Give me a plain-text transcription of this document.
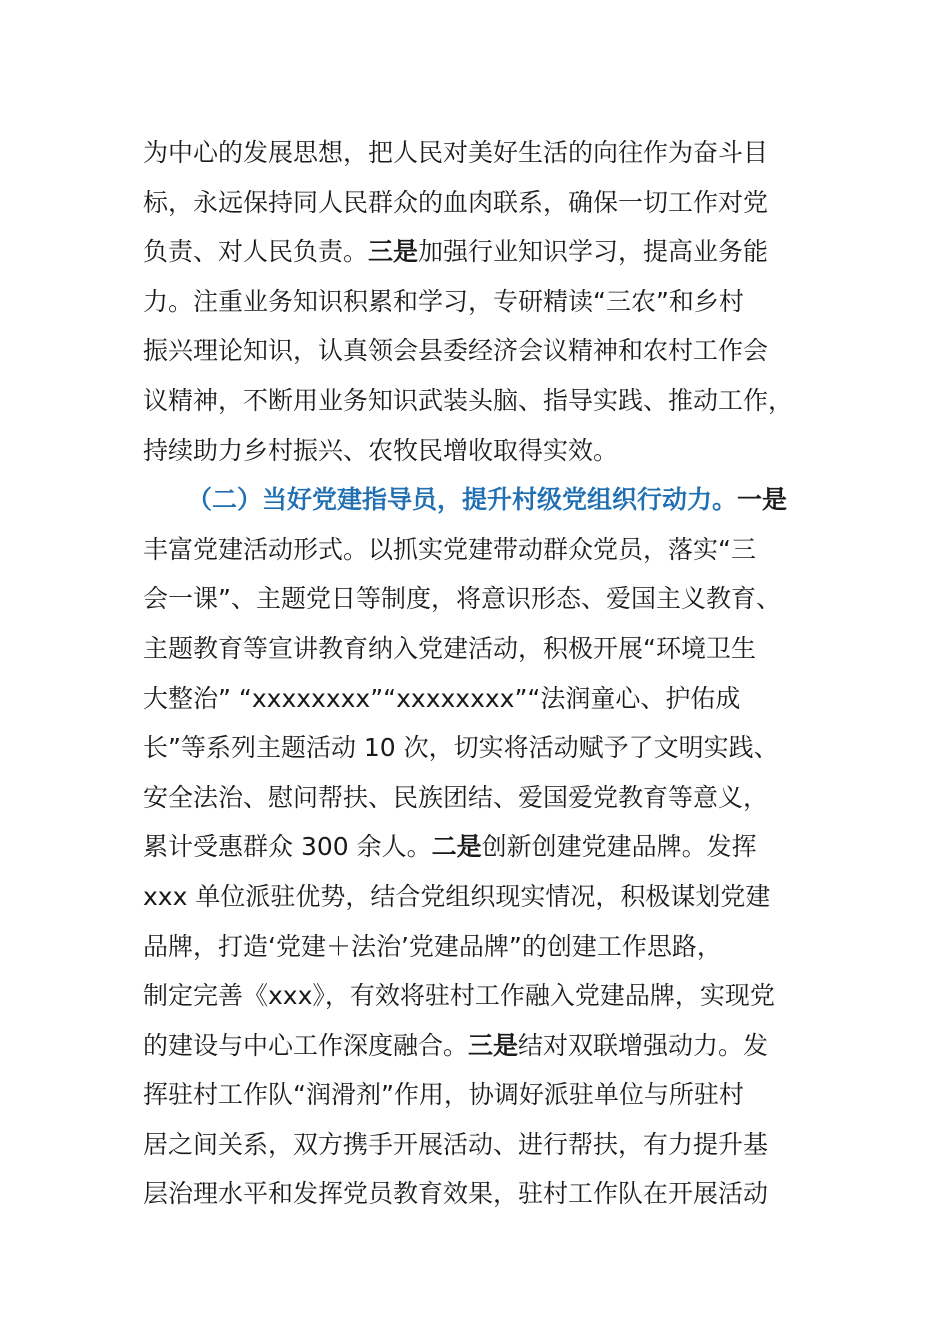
为中心的发展思想，把人民对美好生活的向往作为奋斗目
标，永远保持同人民群众的血肉联系，确保一切工作对党
负责、对人民负责。三是加强行业知识学习，提高业务能
力。注重业务知识积累和学习，专研精读“三农”和乡村
振兴理论知识，认真领会县委经济会议精神和农村工作会
议精神，不断用业务知识武装头脑、指导实践、推动工作，
持续助力乡村振兴、农牧民增收取得实效。
（二）当好党建指导员，提升村级党组织行动力。一是
丰富党建活动形式。以抓实党建带动群众党员，落实“三
会一课”、主题党日等制度，将意识形态、爱国主义教育、
主题教育等宣讲教育纳入党建活动，积极开展“环境卫生
大整治” “xxxxxxxx”“xxxxxxxx”“法润童心、护佑成
长”等系列主题活动 10 次，切实将活动赋予了文明实践、
安全法治、慰问帮扶、民族团结、爱国爱党教育等意义，
累计受惠群众 300 余人。二是创新创建党建品牌。发挥
xxx 单位派驻优势，结合党组织现实情况，积极谋划党建
品牌，打造‘党建＋法治’党建品牌”的创建工作思路，
制定完善《xxx》，有效将驻村工作融入党建品牌，实现党
的建设与中心工作深度融合。三是结对双联增强动力。发
挥驻村工作队“润滑剂”作用，协调好派驻单位与所驻村
居之间关系，双方携手开展活动、进行帮扶，有力提升基
层治理水平和发挥党员教育效果，驻村工作队在开展活动
